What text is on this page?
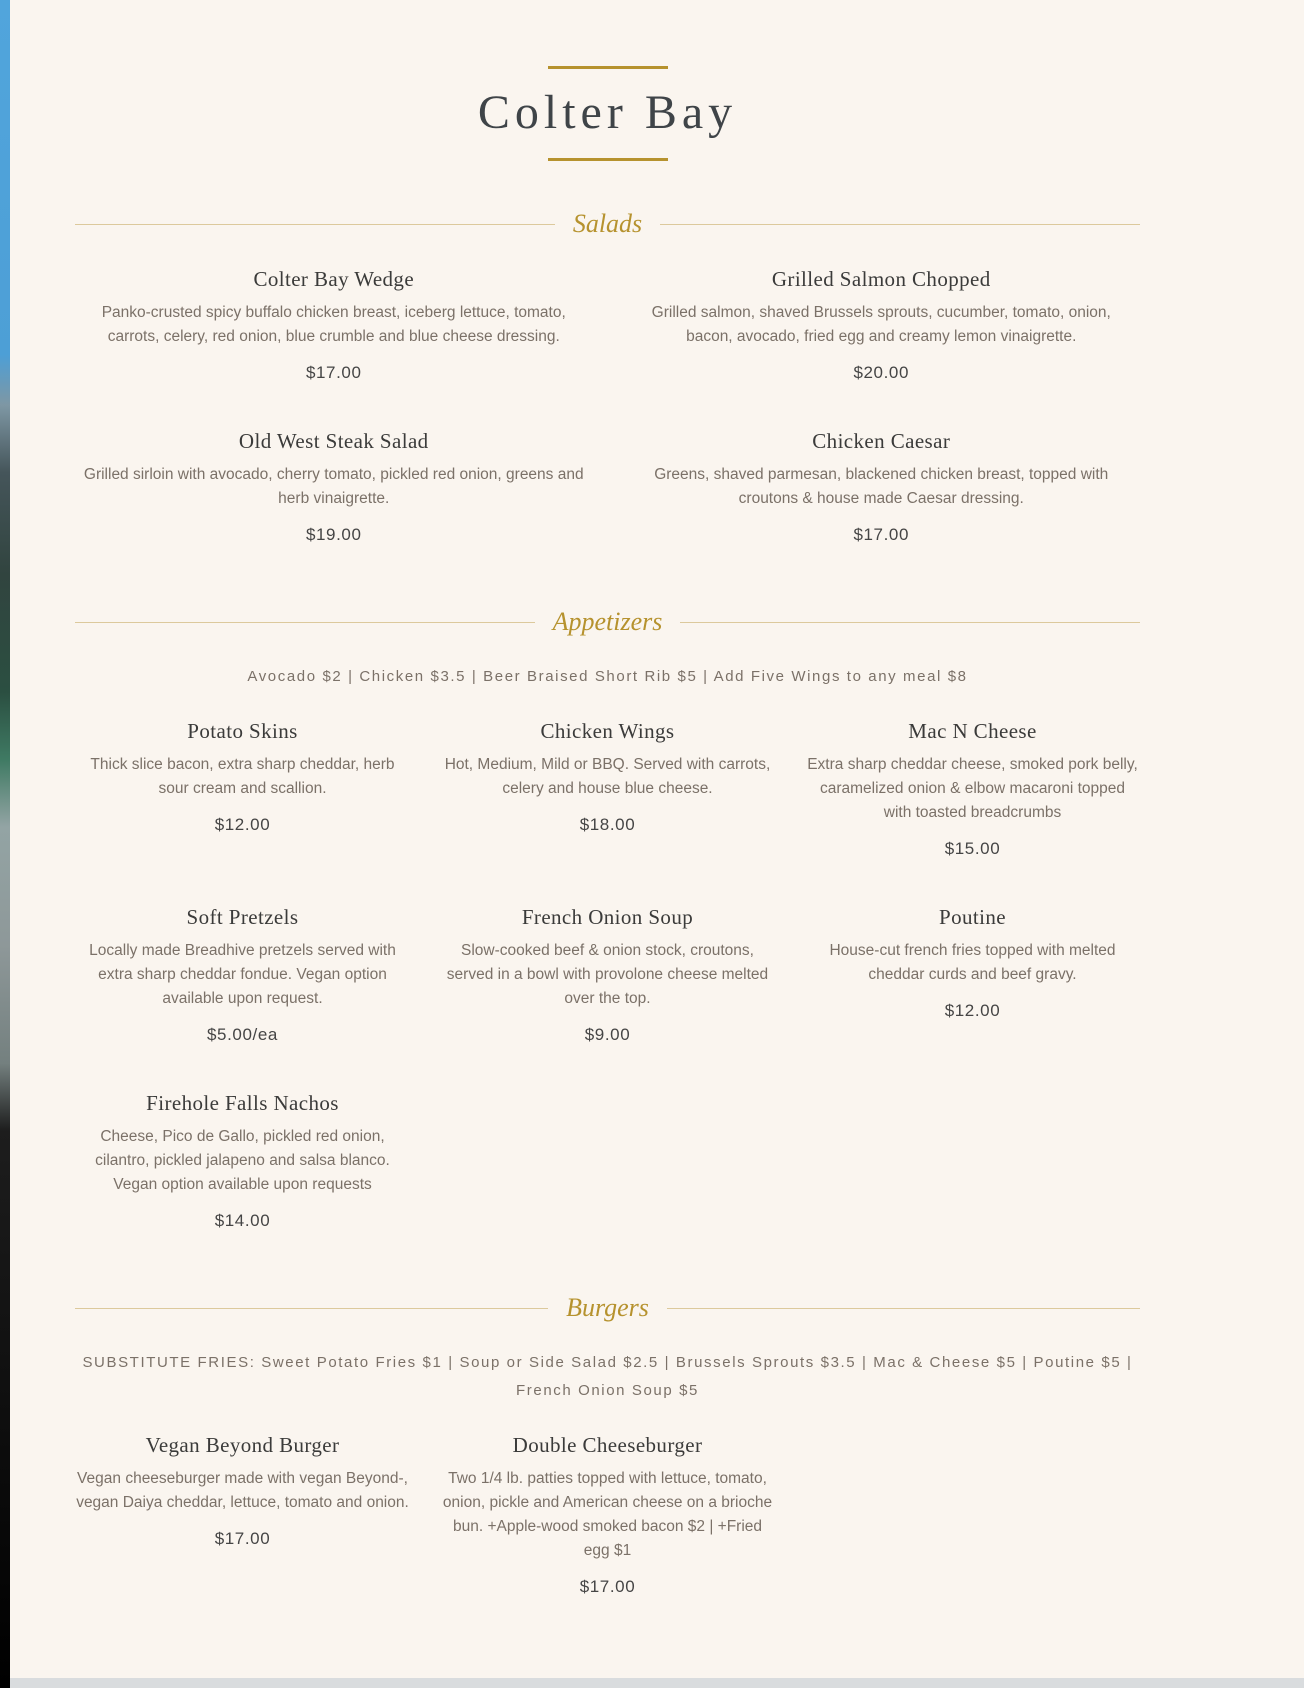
Colter Bay
Salads
Colter Bay Wedge

Panko-crusted spicy buffalo chicken breast, iceberg lettuce, tomato, carrots, celery, red onion, blue crumble and blue cheese dressing.

$17.00
Grilled Salmon Chopped

Grilled salmon, shaved Brussels sprouts, cucumber, tomato, onion, bacon, avocado, fried egg and creamy lemon vinaigrette.

$20.00
Old West Steak Salad

Grilled sirloin with avocado, cherry tomato, pickled red onion, greens and herb vinaigrette.

$19.00
Chicken Caesar

Greens, shaved parmesan, blackened chicken breast, topped with croutons & house made Caesar dressing.

$17.00
Appetizers

Avocado $2 | Chicken $3.5 | Beer Braised Short Rib $5 | Add Five Wings to any meal $8

Potato Skins

Thick slice bacon, extra sharp cheddar, herb sour cream and scallion.

$12.00
Chicken Wings

Hot, Medium, Mild or BBQ. Served with carrots, celery and house blue cheese.

$18.00
Mac N Cheese

Extra sharp cheddar cheese, smoked pork belly, caramelized onion & elbow macaroni topped with toasted breadcrumbs

$15.00
Soft Pretzels

Locally made Breadhive pretzels served with extra sharp cheddar fondue. Vegan option available upon request.

$5.00/ea
French Onion Soup

Slow-cooked beef & onion stock, croutons, served in a bowl with provolone cheese melted over the top.

$9.00
Poutine

House-cut french fries topped with melted cheddar curds and beef gravy.

$12.00
Firehole Falls Nachos

Cheese, Pico de Gallo, pickled red onion, cilantro, pickled jalapeno and salsa blanco. Vegan option available upon requests

$14.00
Burgers

SUBSTITUTE FRIES: Sweet Potato Fries $1 | Soup or Side Salad $2.5 | Brussels Sprouts $3.5 | Mac & Cheese $5 | Poutine $5 | French Onion Soup $5

Vegan Beyond Burger

Vegan cheeseburger made with vegan Beyond-, vegan Daiya cheddar, lettuce, tomato and onion.

$17.00
Double Cheeseburger

Two 1/4 lb. patties topped with lettuce, tomato, onion, pickle and American cheese on a brioche bun. +Apple-wood smoked bacon $2 | +Fried egg $1

$17.00
